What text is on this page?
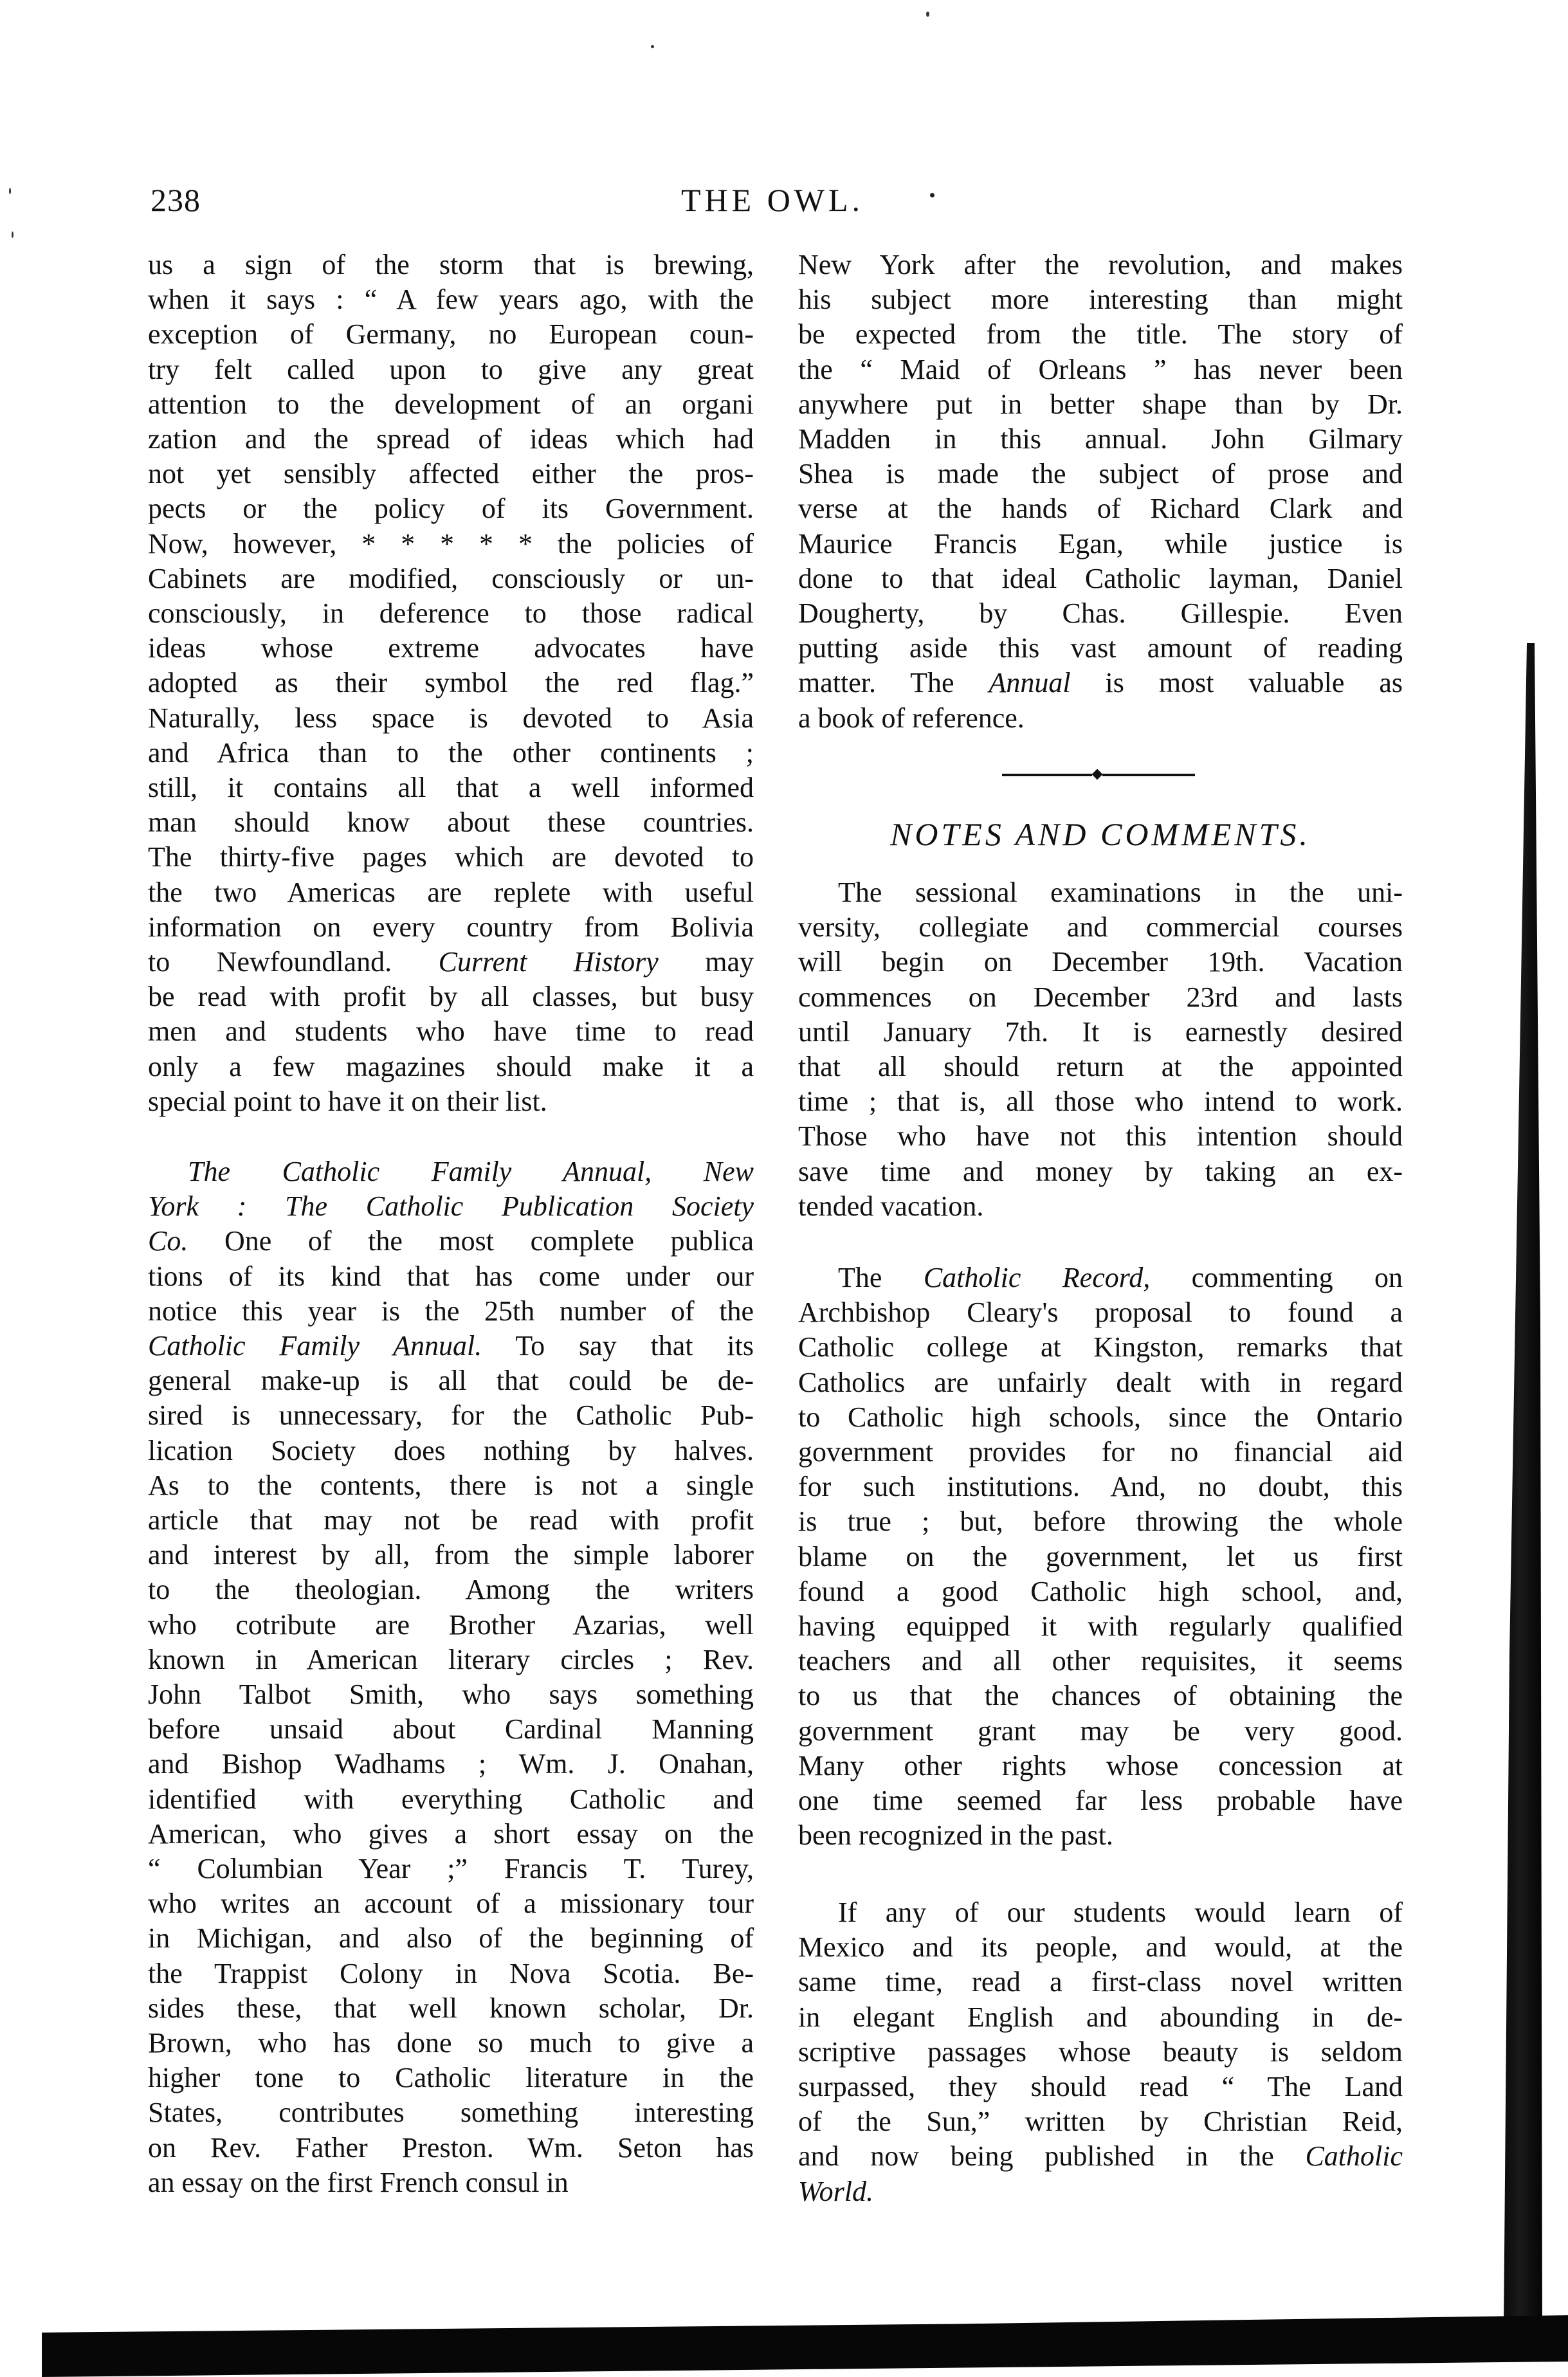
238	THE OWL.
us a sign of the storm that is brewing,
when it says : “ A few years ago, with the
exception of Germany, no European coun-
try felt called upon to give any great
attention to the development of an organi
zation and the spread of ideas which had
not yet sensibly affected either the pros-
pects or the policy of its Government.
Now, however, * * * * * the policies of
Cabinets are modified, consciously or un-
consciously, in deference to those radical
ideas whose extreme advocates have
adopted as their symbol the red flag.”
Naturally, less space is devoted to Asia
and Africa than to the other continents ;
still, it contains all that a well informed
man should know about these countries.
The thirty-five pages which are devoted to
the two Americas are replete with useful
information on every country from Bolivia
to Newfoundland. Current History may
be read with profit by all classes, but busy
men and students who have time to read
only a few magazines should make it a
special point to have it on their list.
The Catholic Family Annual, New
York : The Catholic Publication Society
Co. One of the most complete publica
tions of its kind that has come under our
notice this year is the 25th number of the
Catholic Family Annual. To say that its
general make-up is all that could be de-
sired is unnecessary, for the Catholic Pub-
lication Society does nothing by halves.
As to the contents, there is not a single
article that may not be read with profit
and interest by all, from the simple laborer
to the theologian. Among the writers
who cotribute are Brother Azarias, well
known in American literary circles ; Rev.
John Talbot Smith, who says something
before unsaid about Cardinal Manning
and Bishop Wadhams ; Wm. J. Onahan,
identified with everything Catholic and
American, who gives a short essay on the
“ Columbian Year ;” Francis T. Turey,
who writes an account of a missionary tour
in Michigan, and also of the beginning of
the Trappist Colony in Nova Scotia. Be-
sides these, that well known scholar, Dr.
Brown, who has done so much to give a
higher tone to Catholic literature in the
States, contributes something interesting
on Rev. Father Preston. Wm. Seton has
an essay on the first French consul in
New York after the revolution, and makes
his subject more interesting than might
be expected from the title. The story of
the “ Maid of Orleans ” has never been
anywhere put in better shape than by Dr.
Madden in this annual. John Gilmary
Shea is made the subject of prose and
verse at the hands of Richard Clark and
Maurice Francis Egan, while justice is
done to that ideal Catholic layman, Daniel
Dougherty, by Chas. Gillespie. Even
putting aside this vast amount of reading
matter. The Annual is most valuable as
a book of reference.
The sessional examinations in the uni-
versity, collegiate and commercial courses
will begin on December 19th. Vacation
commences on December 23rd and lasts
until January 7th. It is earnestly desired
that all should return at the appointed
time ; that is, all those who intend to work.
Those who have not this intention should
save time and money by taking an ex-
tended vacation.
The Catholic Record, commenting on
Archbishop Cleary's proposal to found a
Catholic college at Kingston, remarks that
Catholics are unfairly dealt with in regard
to Catholic high schools, since the Ontario
government provides for no financial aid
for such institutions. And, no doubt, this
is true ; but, before throwing the whole
blame on the government, let us first
found a good Catholic high school, and,
having equipped it with regularly qualified
teachers and all other requisites, it seems
to us that the chances of obtaining the
government grant may be very good.
Many other rights whose concession at
one time seemed far less probable have
been recognized in the past.
If any of our students would learn of
Mexico and its people, and would, at the
same time, read a first-class novel written
in elegant English and abounding in de-
scriptive passages whose beauty is seldom
surpassed, they should read “ The Land
of the Sun,” written by Christian Reid,
and now being published in the Catholic
World.
NOTES AND COMMENTS.
